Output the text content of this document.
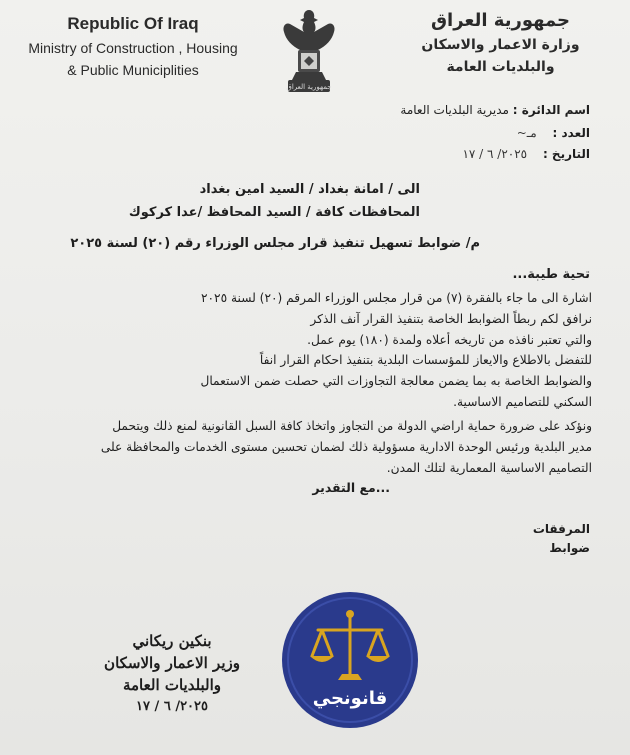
Republic Of Iraq
Ministry of Construction , Housing
& Public Municiplities
جمهورية العراق
جمهورية العراق
وزارة الاعمار والاسكان
والبلديات العامة
اسم الدائرة : مديرية البلديات العامة
العدد : مـ~
التاريخ : ٢٠٢٥/ ٦ / ١٧
الى / امانة بغداد / السيد امين بغداد
المحافظات كافة / السيد المحافظ /عدا كركوك
م/ ضوابط تسهيل تنفيذ قرار مجلس الوزراء رقم (٢٠) لسنة ٢٠٢٥
تحية طيبة...
اشارة الى ما جاء بالفقرة (٧) من قرار مجلس الوزراء المرقم (٢٠) لسنة ٢٠٢٥
نرافق لكم ربطاً الضوابط الخاصة بتنفيذ القرار آنف الذكر
والتي تعتبر نافذه من تاريخه أعلاه ولمدة (١٨٠) يوم عمل.
للتفضل بالاطلاع والايعاز للمؤسسات البلدية بتنفيذ احكام القرار انفاً
والضوابط الخاصة به بما يضمن معالجة التجاوزات التي حصلت ضمن الاستعمال
السكني للتصاميم الاساسية.
ونؤكد على ضرورة حماية اراضي الدولة من التجاوز واتخاذ كافة السبل القانونية لمنع ذلك ويتحمل
مدير البلدية ورئيس الوحدة الادارية مسؤولية ذلك لضمان تحسين مستوى الخدمات والمحافظة على
التصاميم الاساسية المعمارية لتلك المدن.
...مع التقدير
المرفقات
ضوابط
بنكين ريكاني
وزير الاعمار والاسكان
والبلديات العامة
٢٠٢٥/ ٦ / ١٧	قانونجي
